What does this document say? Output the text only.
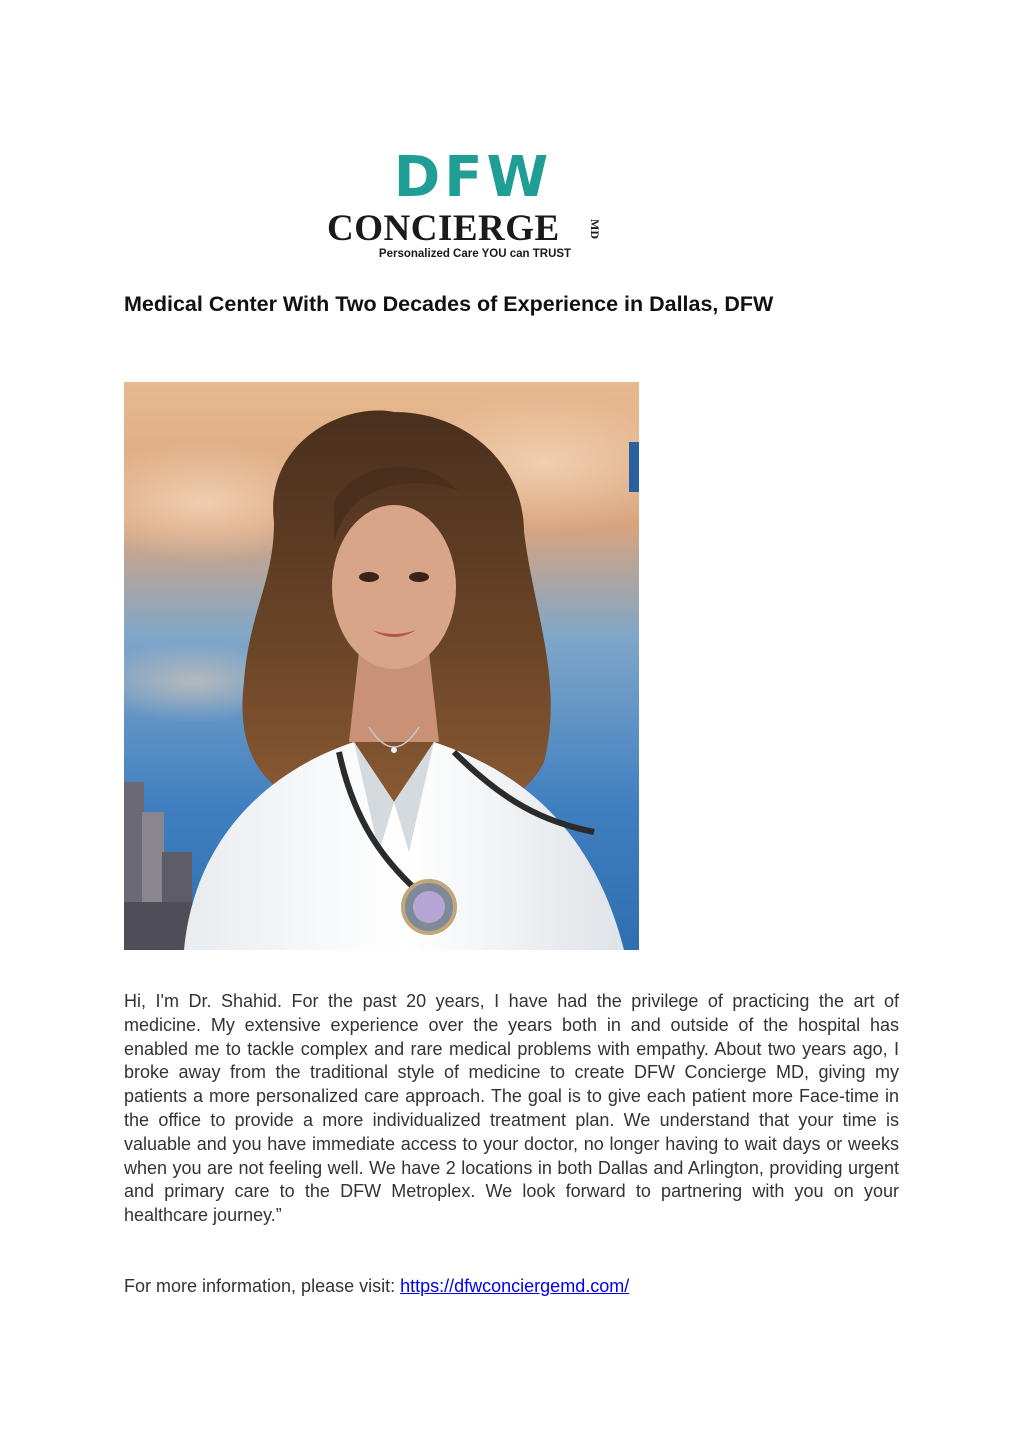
DFW
CONCIERGE	MD
Personalized Care YOU can TRUST
Medical Center With Two Decades of Experience in Dallas, DFW

Hi, I'm Dr. Shahid. For the past 20 years, I have had the privilege of practicing the art of medicine. My extensive experience over the years both in and outside of the hospital has enabled me to tackle complex and rare medical problems with empathy. About two years ago, I broke away from the traditional style of medicine to create DFW Concierge MD, giving my patients a more personalized care approach. The goal is to give each patient more Face-time in the office to provide a more individualized treatment plan. We understand that your time is valuable and you have immediate access to your doctor, no longer having to wait days or weeks when you are not feeling well. We have 2 locations in both Dallas and Arlington, providing urgent and primary care to the DFW Metroplex. We look forward to partnering with you on your healthcare journey.”

For more information, please visit: https://dfwconciergemd.com/
